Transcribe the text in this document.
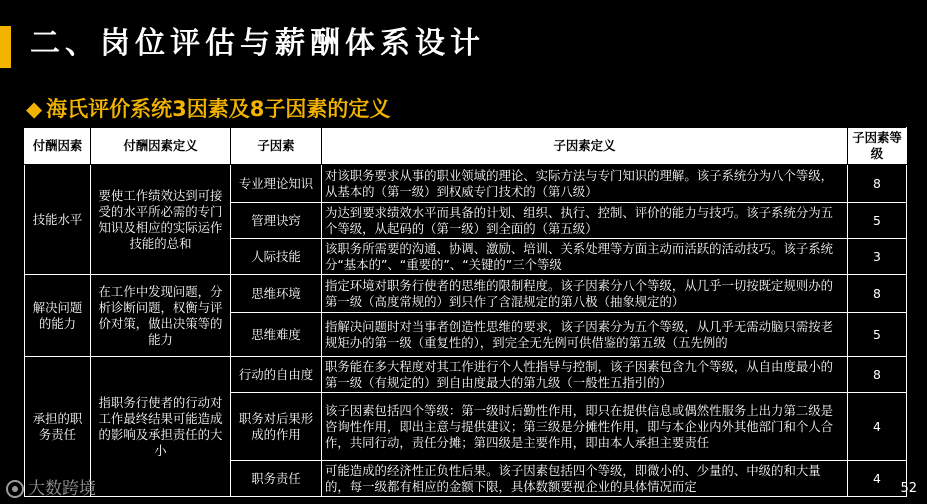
二、岗位评估与薪酬体系设计
◆ 海氏评价系统3因素及8子因素的定义
付酬因素	付酬因素定义	子因素	子因素定义	子因素等级
技能水平	要使工作绩效达到可接受的水平所必需的专门知识及相应的实际运作技能的总和	专业理论知识	对该职务要求从事的职业领域的理论、实际方法与专门知识的理解。该子系统分为八个等级，从基本的（第一级）到权威专门技术的（第八级）	8
		管理诀窍	为达到要求绩效水平而具备的计划、组织、执行、控制、评价的能力与技巧。该子系统分为五个等级，从起码的（第一级）到全面的（第五级）	5
		人际技能	该职务所需要的沟通、协调、激励、培训、关系处理等方面主动而活跃的活动技巧。该子系统分“基本的”、“重要的”、“关键的”三个等级	3
解决问题的能力	在工作中发现问题，分析诊断问题，权衡与评价对策，做出决策等的能力	思维环境	指定环境对职务行使者的思维的限制程度。该子因素分八个等级，从几乎一切按既定规则办的第一级（高度常规的）到只作了含混规定的第八极（抽象规定的）	8
		思维难度	指解决问题时对当事者创造性思维的要求，该子因素分为五个等级，从几乎无需动脑只需按老规矩办的第一级（重复性的），到完全无先例可供借鉴的第五级（五先例的	5
承担的职务责任	指职务行使者的行动对工作最终结果可能造成的影响及承担责任的大小	行动的自由度	职务能在多大程度对其工作进行个人性指导与控制，该子因素包含九个等级，从自由度最小的第一级（有规定的）到自由度最大的第九级（一般性五指引的）	8
		职务对后果形成的作用	该子因素包括四个等级：第一级时后勤性作用，即只在提供信息或偶然性服务上出力第二级是咨询性作用，即出主意与提供建议；第三级是分摊性作用，即与本企业内外其他部门和个人合作，共同行动，责任分摊；第四级是主要作用，即由本人承担主要责任	4
		职务责任	可能造成的经济性正负性后果。该子因素包括四个等级，即微小的、少量的、中级的和大量的，每一级都有相应的金额下限，具体数额要视企业的具体情况而定	4
大数跨境	52
